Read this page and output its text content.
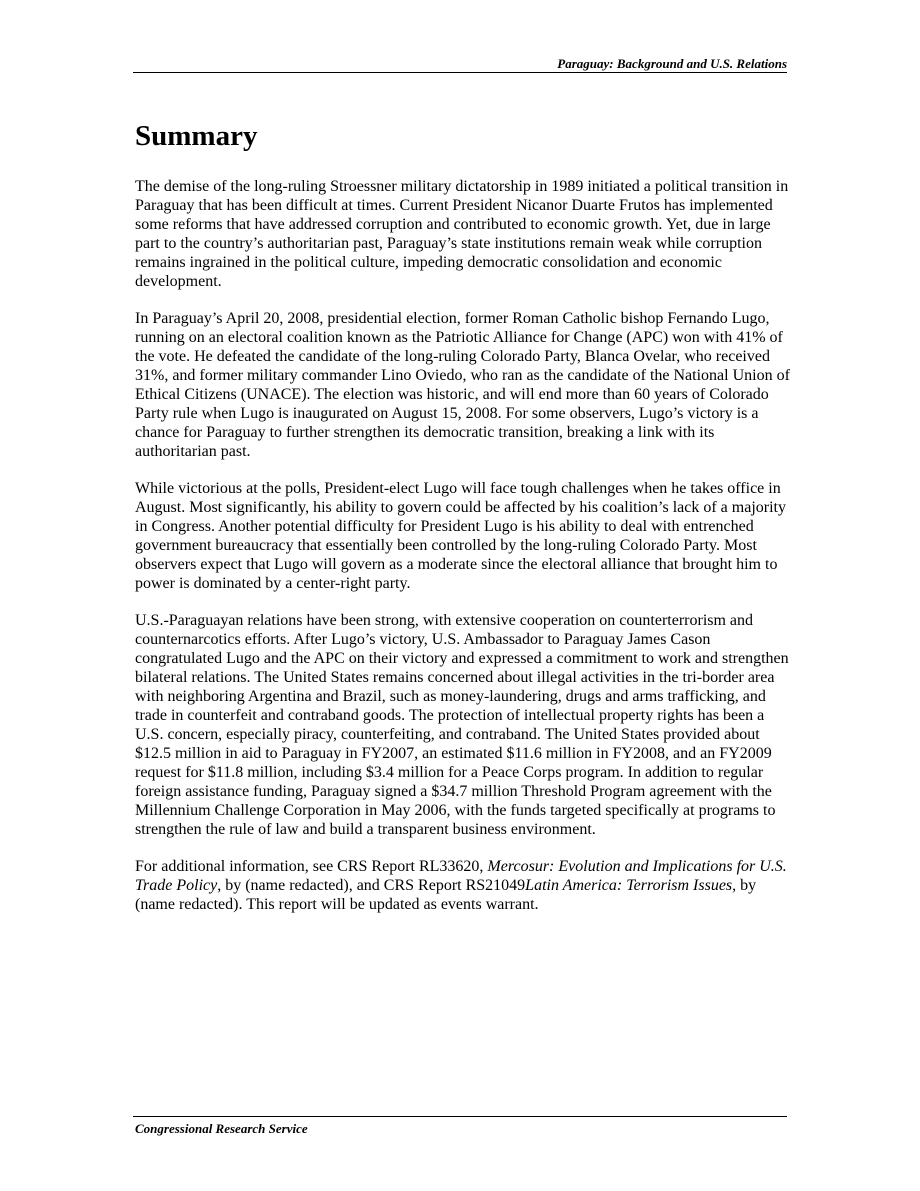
Paraguay: Background and U.S. Relations
Summary

The demise of the long-ruling Stroessner military dictatorship in 1989 initiated a political transition in Paraguay that has been difficult at times. Current President Nicanor Duarte Frutos has implemented some reforms that have addressed corruption and contributed to economic growth. Yet, due in large part to the country’s authoritarian past, Paraguay’s state institutions remain weak while corruption remains ingrained in the political culture, impeding democratic consolidation and economic development.

In Paraguay’s April 20, 2008, presidential election, former Roman Catholic bishop Fernando Lugo, running on an electoral coalition known as the Patriotic Alliance for Change (APC) won with 41% of the vote. He defeated the candidate of the long-ruling Colorado Party, Blanca Ovelar, who received 31%, and former military commander Lino Oviedo, who ran as the candidate of the National Union of Ethical Citizens (UNACE). The election was historic, and will end more than 60 years of Colorado Party rule when Lugo is inaugurated on August 15, 2008. For some observers, Lugo’s victory is a chance for Paraguay to further strengthen its democratic transition, breaking a link with its authoritarian past.

While victorious at the polls, President-elect Lugo will face tough challenges when he takes office in August. Most significantly, his ability to govern could be affected by his coalition’s lack of a majority in Congress. Another potential difficulty for President Lugo is his ability to deal with entrenched government bureaucracy that essentially been controlled by the long-ruling Colorado Party. Most observers expect that Lugo will govern as a moderate since the electoral alliance that brought him to power is dominated by a center-right party.

U.S.-Paraguayan relations have been strong, with extensive cooperation on counterterrorism and counternarcotics efforts. After Lugo’s victory, U.S. Ambassador to Paraguay James Cason congratulated Lugo and the APC on their victory and expressed a commitment to work and strengthen bilateral relations. The United States remains concerned about illegal activities in the tri-border area with neighboring Argentina and Brazil, such as money-laundering, drugs and arms trafficking, and trade in counterfeit and contraband goods. The protection of intellectual property rights has been a U.S. concern, especially piracy, counterfeiting, and contraband. The United States provided about $12.5 million in aid to Paraguay in FY2007, an estimated $11.6 million in FY2008, and an FY2009 request for $11.8 million, including $3.4 million for a Peace Corps program. In addition to regular foreign assistance funding, Paraguay signed a $34.7 million Threshold Program agreement with the Millennium Challenge Corporation in May 2006, with the funds targeted specifically at programs to strengthen the rule of law and build a transparent business environment.

For additional information, see CRS Report RL33620, Mercosur: Evolution and Implications for U.S. Trade Policy, by (name redacted), and CRS Report RS21049Latin America: Terrorism Issues, by (name redacted). This report will be updated as events warrant.

Congressional Research Service
